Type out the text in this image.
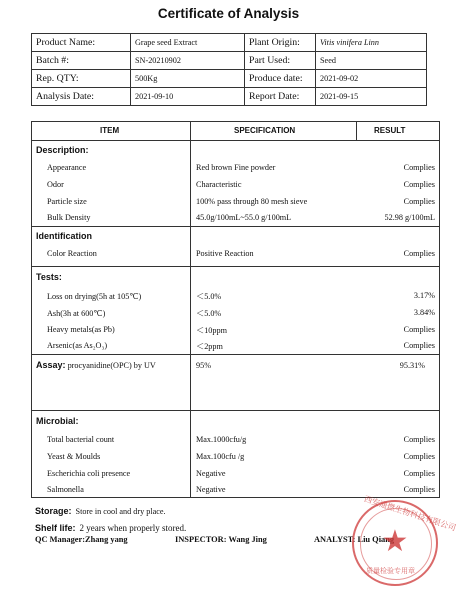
Certificate of Analysis
Product Name:	Grape seed Extract	Plant Origin:	Vitis vinifera Linn
Batch #:	SN-20210902	Part Used:	Seed
Rep. QTY:	500Kg	Produce date:	2021-09-02
Analysis Date:	2021-09-10	Report Date:	2021-09-15
ITEM	SPECIFICATION	RESULT
Description:
Appearance	Red brown Fine powder	Complies
Odor	Characteristic	Complies
Particle size	100% pass through 80 mesh sieve	Complies
Bulk Density	45.0g/100mL~55.0 g/100mL	52.98 g/100mL
Identification
Color Reaction	Positive Reaction	Complies
Tests:
Loss on drying(5h at 105℃)	＜5.0%	3.17%
Ash(3h at 600℃)	＜5.0%	3.84%
Heavy metals(as Pb)	＜10ppm	Complies
Arsenic(as As₂O₃)	＜2ppm	Complies
Assay: procyanidine(OPC) by UV	95%	95.31%
Microbial:
Total bacterial count	Max.1000cfu/g	Complies
Yeast & Moulds	Max.100cfu /g	Complies
Escherichia coli presence	Negative	Complies
Salmonella	Negative	Complies
Storage: Store in cool and dry place.
Shelf life: 2 years when properly stored.
QC Manager:Zhang yang	INSPECTOR: Wang Jing	ANALYST: Liu Qiang
西安通燃生物科技有限公司
★
质量检验专用章
